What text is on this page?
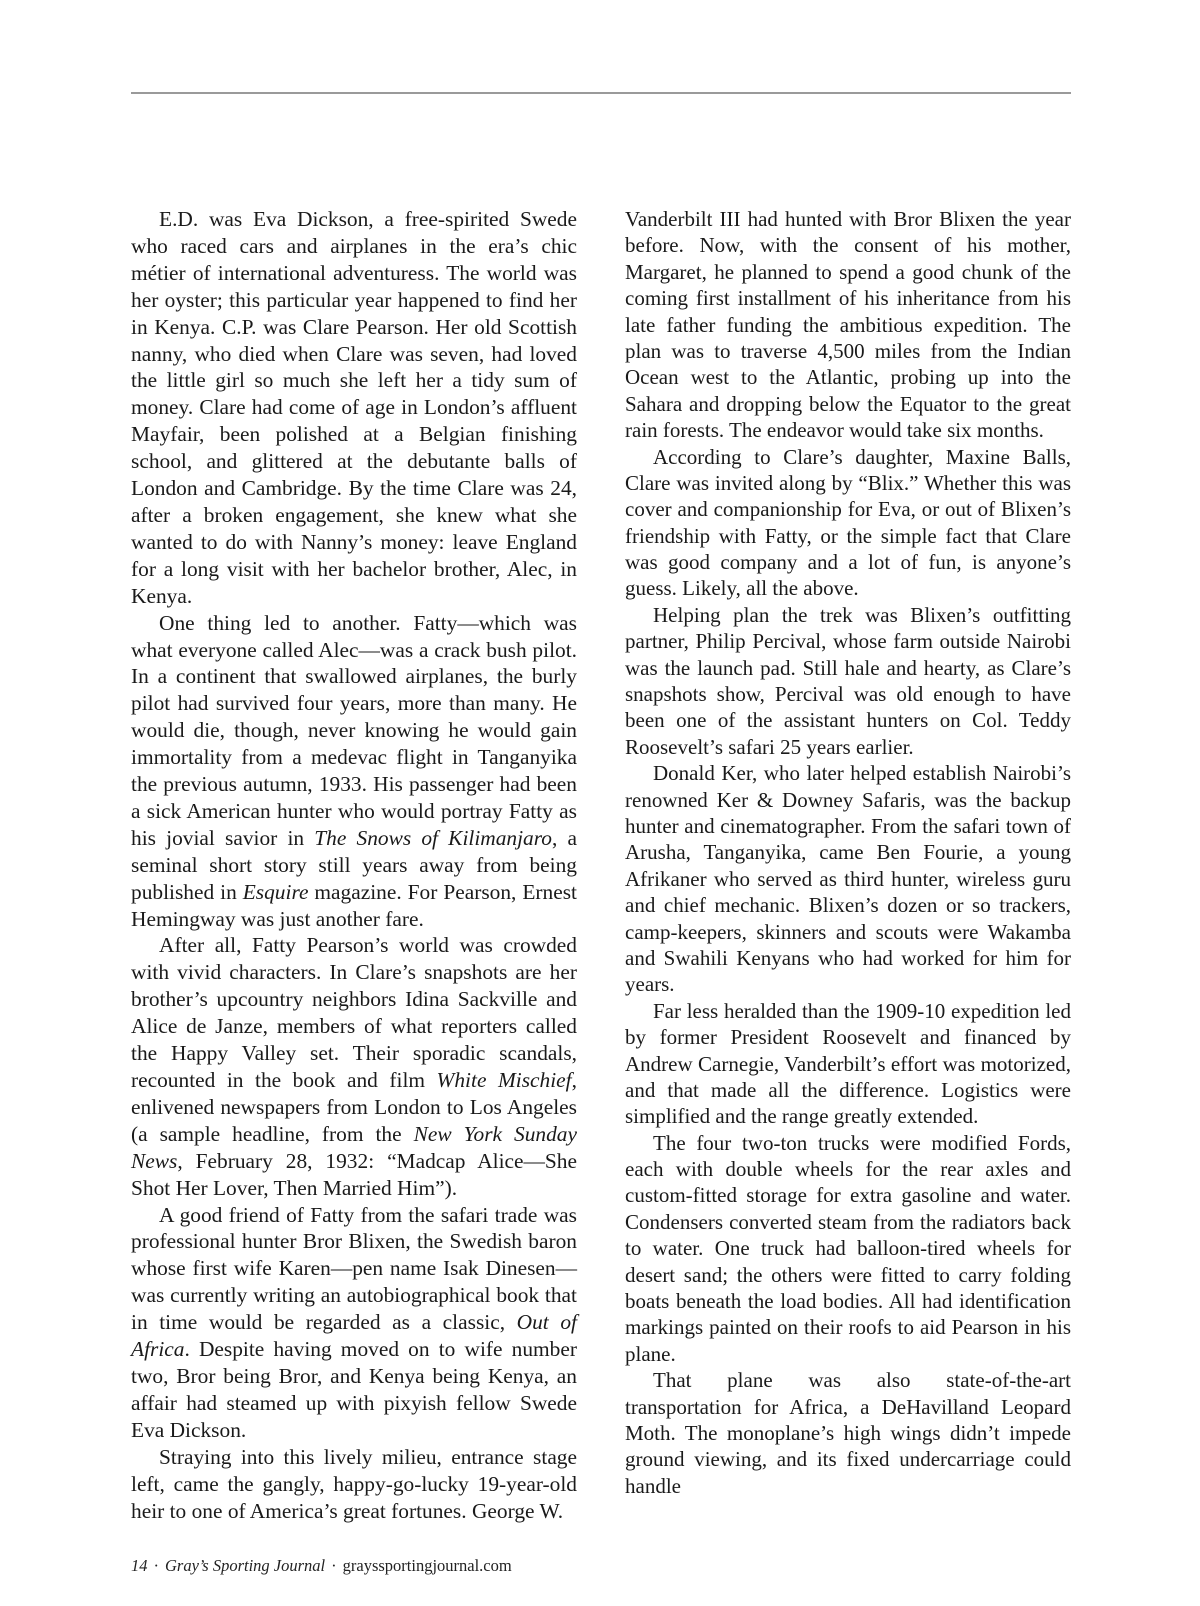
E.D. was Eva Dickson, a free-spirited Swede who raced cars and airplanes in the era’s chic métier of international adventuress. The world was her oyster; this particular year happened to find her in Kenya. C.P. was Clare Pearson. Her old Scottish nanny, who died when Clare was seven, had loved the little girl so much she left her a tidy sum of money. Clare had come of age in London’s affluent Mayfair, been polished at a Belgian finishing school, and glittered at the debutante balls of London and Cambridge. By the time Clare was 24, after a broken engagement, she knew what she wanted to do with Nanny’s money: leave England for a long visit with her bachelor brother, Alec, in Kenya.

One thing led to another. Fatty—which was what everyone called Alec—was a crack bush pilot. In a continent that swallowed airplanes, the burly pilot had survived four years, more than many. He would die, though, never knowing he would gain immortality from a medevac flight in Tanganyika the previous autumn, 1933. His passenger had been a sick American hunter who would portray Fatty as his jovial savior in The Snows of Kilimanjaro, a seminal short story still years away from being published in Esquire magazine. For Pearson, Ernest Hemingway was just another fare.

After all, Fatty Pearson’s world was crowded with vivid characters. In Clare’s snapshots are her brother’s upcountry neighbors Idina Sackville and Alice de Janze, members of what reporters called the Happy Valley set. Their sporadic scandals, recounted in the book and film White Mischief, enlivened newspapers from London to Los Angeles (a sample headline, from the New York Sunday News, February 28, 1932: “Madcap Alice—She Shot Her Lover, Then Married Him”).

A good friend of Fatty from the safari trade was professional hunter Bror Blixen, the Swedish baron whose first wife Karen—pen name Isak Dinesen—was currently writing an autobiographical book that in time would be regarded as a classic, Out of Africa. Despite having moved on to wife number two, Bror being Bror, and Kenya being Kenya, an affair had steamed up with pixyish fellow Swede Eva Dickson.

Straying into this lively milieu, entrance stage left, came the gangly, happy-go-lucky 19-year-old heir to one of America’s great fortunes. George W.

Vanderbilt III had hunted with Bror Blixen the year before. Now, with the consent of his mother, Margaret, he planned to spend a good chunk of the coming first installment of his inheritance from his late father funding the ambitious expedition. The plan was to traverse 4,500 miles from the Indian Ocean west to the Atlantic, probing up into the Sahara and dropping below the Equator to the great rain forests. The endeavor would take six months.

According to Clare’s daughter, Maxine Balls, Clare was invited along by “Blix.” Whether this was cover and companionship for Eva, or out of Blixen’s friendship with Fatty, or the simple fact that Clare was good company and a lot of fun, is anyone’s guess. Likely, all the above.

Helping plan the trek was Blixen’s outfitting partner, Philip Percival, whose farm outside Nairobi was the launch pad. Still hale and hearty, as Clare’s snapshots show, Percival was old enough to have been one of the assistant hunters on Col. Teddy Roosevelt’s safari 25 years earlier.

Donald Ker, who later helped establish Nairobi’s renowned Ker & Downey Safaris, was the backup hunter and cinematographer. From the safari town of Arusha, Tanganyika, came Ben Fourie, a young Afrikaner who served as third hunter, wireless guru and chief mechanic. Blixen’s dozen or so trackers, camp-keepers, skinners and scouts were Wakamba and Swahili Kenyans who had worked for him for years.

Far less heralded than the 1909-10 expedition led by former President Roosevelt and financed by Andrew Carnegie, Vanderbilt’s effort was motorized, and that made all the difference. Logistics were simplified and the range greatly extended.

The four two-ton trucks were modified Fords, each with double wheels for the rear axles and custom-fitted storage for extra gasoline and water. Condensers converted steam from the radiators back to water. One truck had balloon-tired wheels for desert sand; the others were fitted to carry folding boats beneath the load bodies. All had identification markings painted on their roofs to aid Pearson in his plane.

That plane was also state-of-the-art transportation for Africa, a DeHavilland Leopard Moth. The monoplane’s high wings didn’t impede ground viewing, and its fixed undercarriage could handle

14 · Gray’s Sporting Journal · grayssportingjournal.com
